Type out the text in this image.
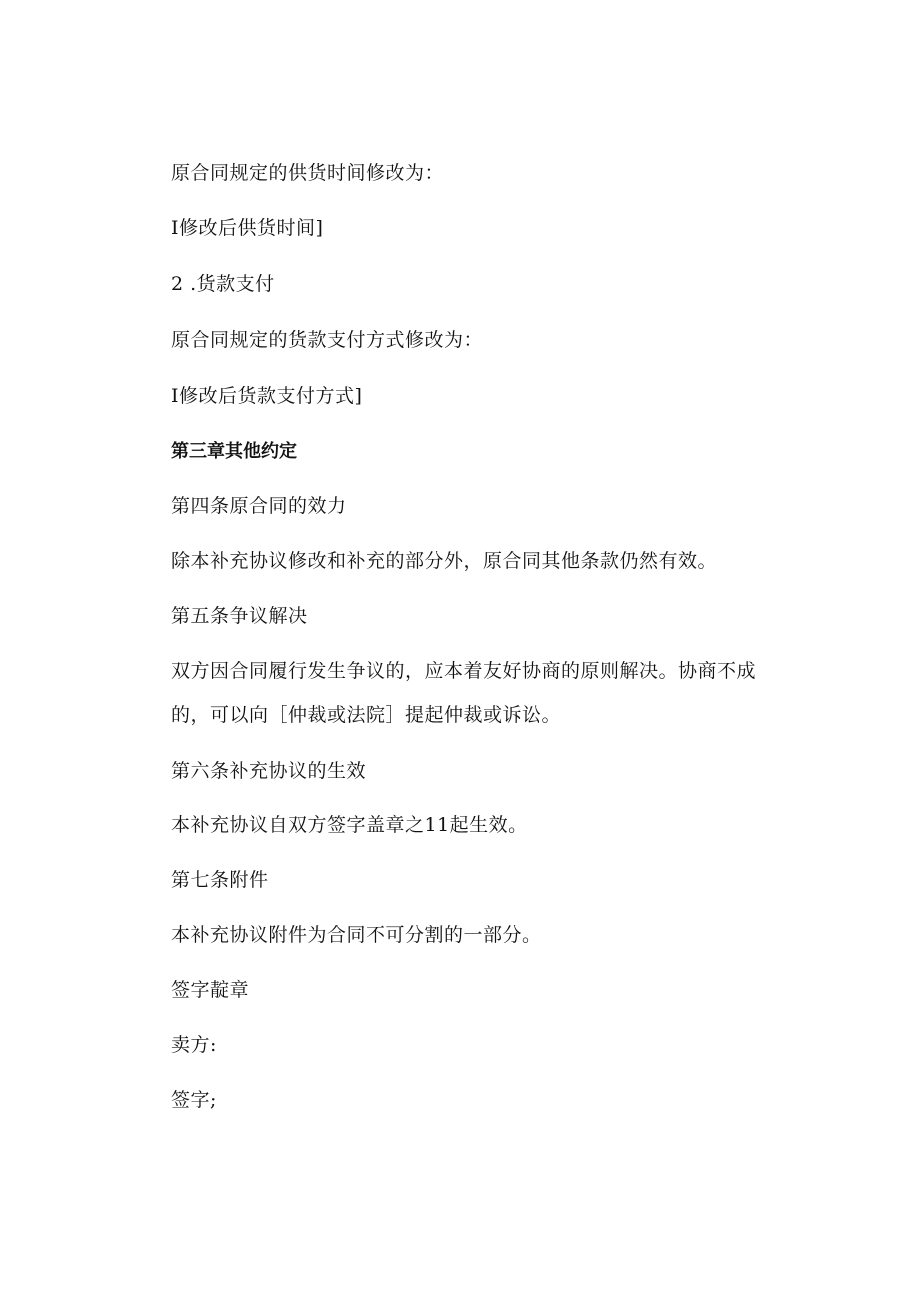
原合同规定的供货时间修改为：
I修改后供货时间]
2 .货款支付
原合同规定的货款支付方式修改为：
I修改后货款支付方式]
第三章其他约定
第四条原合同的效力
除本补充协议修改和补充的部分外，原合同其他条款仍然有效。
第五条争议解决
双方因合同履行发生争议的，应本着友好协商的原则解决。协商不成的，可以向［仲裁或法院］提起仲裁或诉讼。
第六条补充协议的生效
本补充协议自双方签字盖章之11起生效。
第七条附件
本补充协议附件为合同不可分割的一部分。
签字靛章
卖方:
签字;
